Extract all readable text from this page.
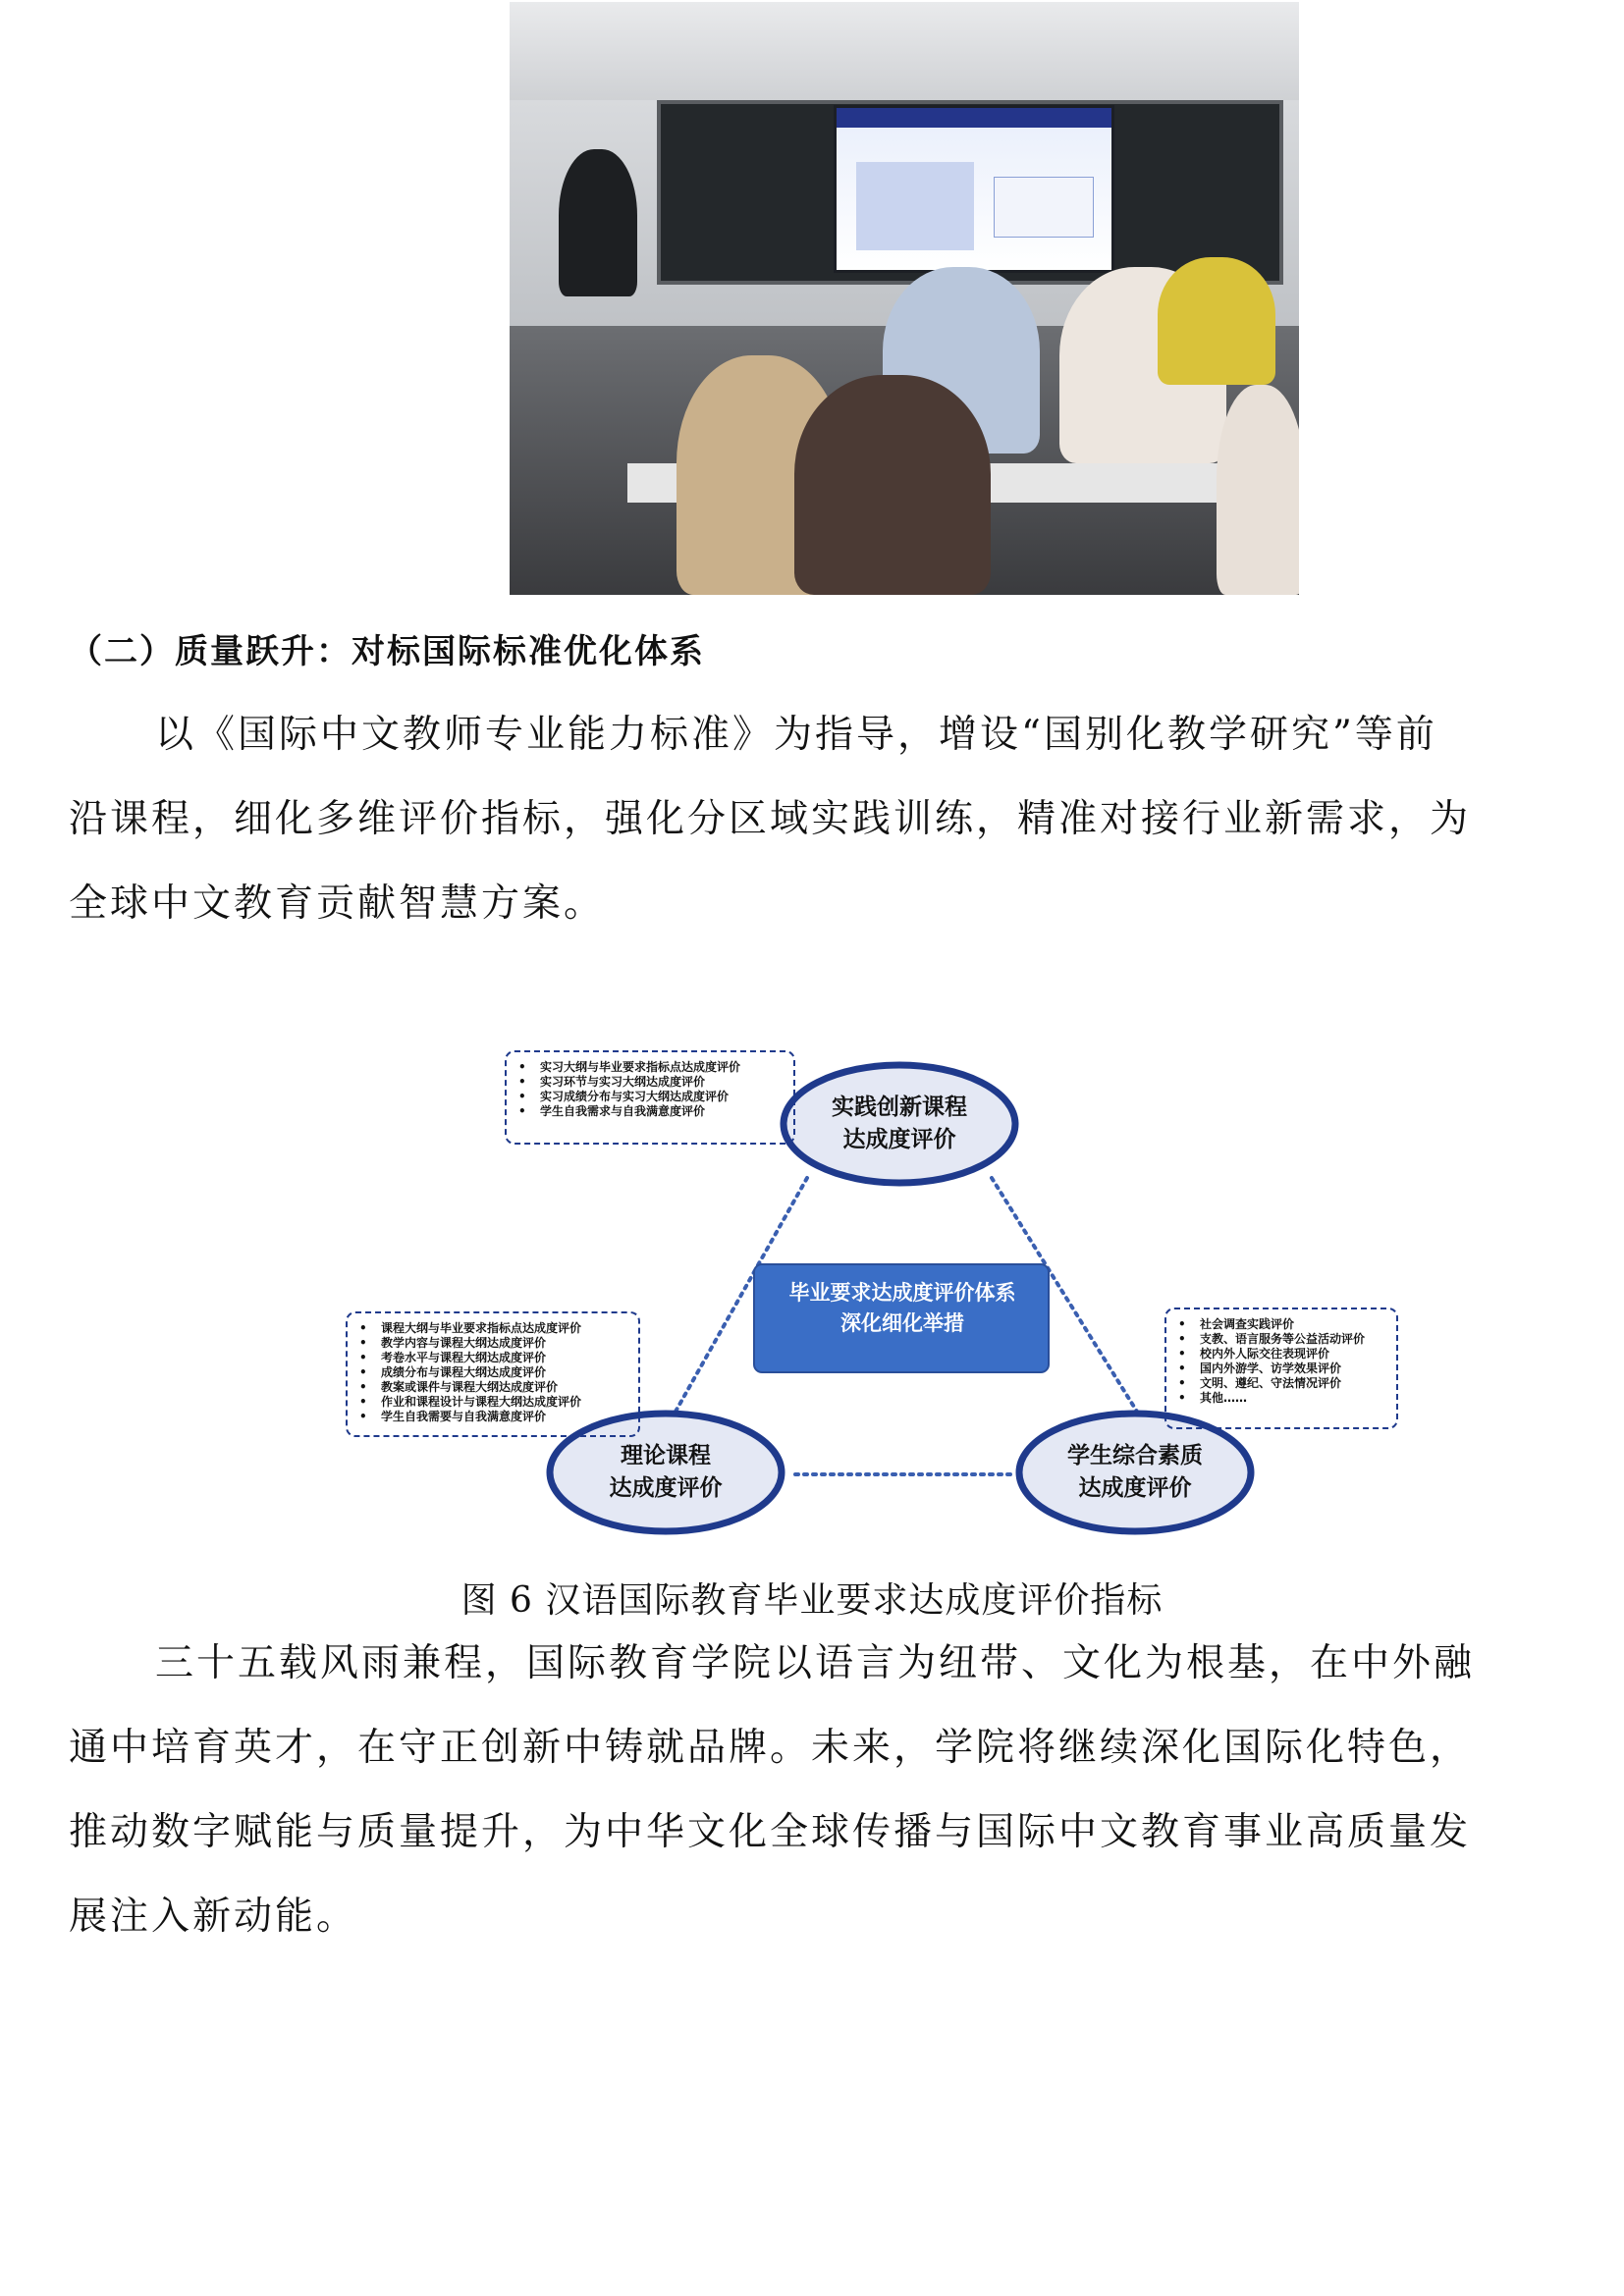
（二）质量跃升：对标国际标准优化体系

以《国际中文教师专业能力标准》为指导，增设“国别化教学研究”等前
沿课程，细化多维评价指标，强化分区域实践训练，精准对接行业新需求，为
全球中文教育贡献智慧方案。

实践创新课程
达成度评价
理论课程
达成度评价
学生综合素质
达成度评价
毕业要求达成度评价体系
深化细化举措
• 实习大纲与毕业要求指标点达成度评价
• 实习环节与实习大纲达成度评价
• 实习成绩分布与实习大纲达成度评价
• 学生自我需求与自我满意度评价
• 课程大纲与毕业要求指标点达成度评价
• 教学内容与课程大纲达成度评价
• 考卷水平与课程大纲达成度评价
• 成绩分布与课程大纲达成度评价
• 教案或课件与课程大纲达成度评价
• 作业和课程设计与课程大纲达成度评价
• 学生自我需要与自我满意度评价
• 社会调查实践评价
• 支教、语言服务等公益活动评价
• 校内外人际交往表现评价
• 国内外游学、访学效果评价
• 文明、遵纪、守法情况评价
• 其他……

图 6 汉语国际教育毕业要求达成度评价指标

三十五载风雨兼程，国际教育学院以语言为纽带、文化为根基，在中外融
通中培育英才，在守正创新中铸就品牌。未来，学院将继续深化国际化特色，
推动数字赋能与质量提升，为中华文化全球传播与国际中文教育事业高质量发
展注入新动能。
